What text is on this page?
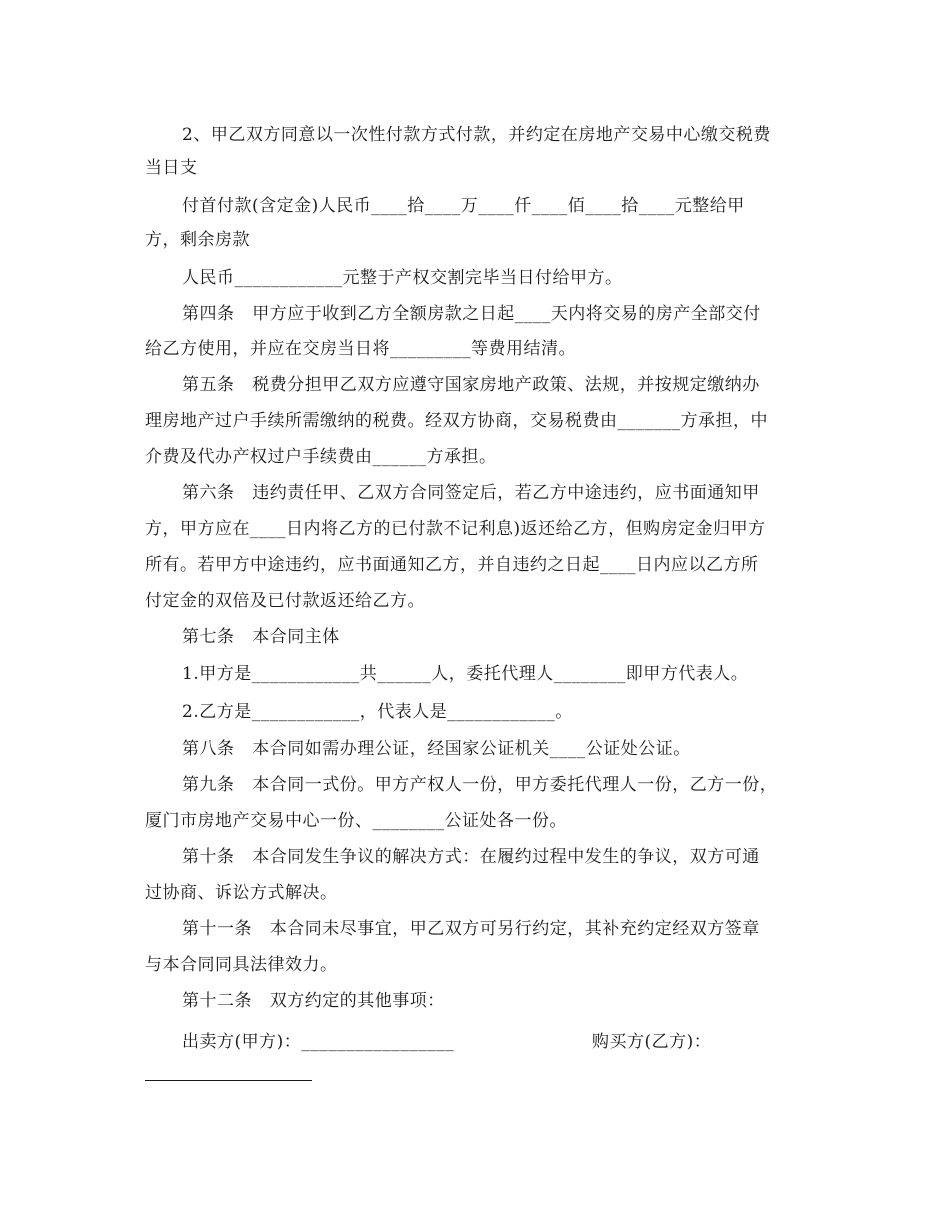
2、甲乙双方同意以一次性付款方式付款，并约定在房地产交易中心缴交税费
当日支
付首付款(含定金)人民币____拾____万____仟____佰____拾____元整给甲
方，剩余房款
人民币____________元整于产权交割完毕当日付给甲方。
第四条   甲方应于收到乙方全额房款之日起____天内将交易的房产全部交付
给乙方使用，并应在交房当日将_________等费用结清。
第五条   税费分担甲乙双方应遵守国家房地产政策、法规，并按规定缴纳办
理房地产过户手续所需缴纳的税费。经双方协商，交易税费由_______方承担，中
介费及代办产权过户手续费由______方承担。
第六条   违约责任甲、乙双方合同签定后，若乙方中途违约，应书面通知甲
方，甲方应在____日内将乙方的已付款不记利息)返还给乙方，但购房定金归甲方
所有。若甲方中途违约，应书面通知乙方，并自违约之日起____日内应以乙方所
付定金的双倍及已付款返还给乙方。
第七条   本合同主体
1.甲方是____________共______人，委托代理人________即甲方代表人。
2.乙方是____________，代表人是____________。
第八条   本合同如需办理公证，经国家公证机关____公证处公证。
第九条   本合同一式份。甲方产权人一份，甲方委托代理人一份，乙方一份，
厦门市房地产交易中心一份、________公证处各一份。
第十条   本合同发生争议的解决方式：在履约过程中发生的争议，双方可通
过协商、诉讼方式解决。
第十一条   本合同未尽事宜，甲乙双方可另行约定，其补充约定经双方签章
与本合同同具法律效力。
第十二条   双方约定的其他事项：
出卖方(甲方)：_________________	购买方(乙方)：
